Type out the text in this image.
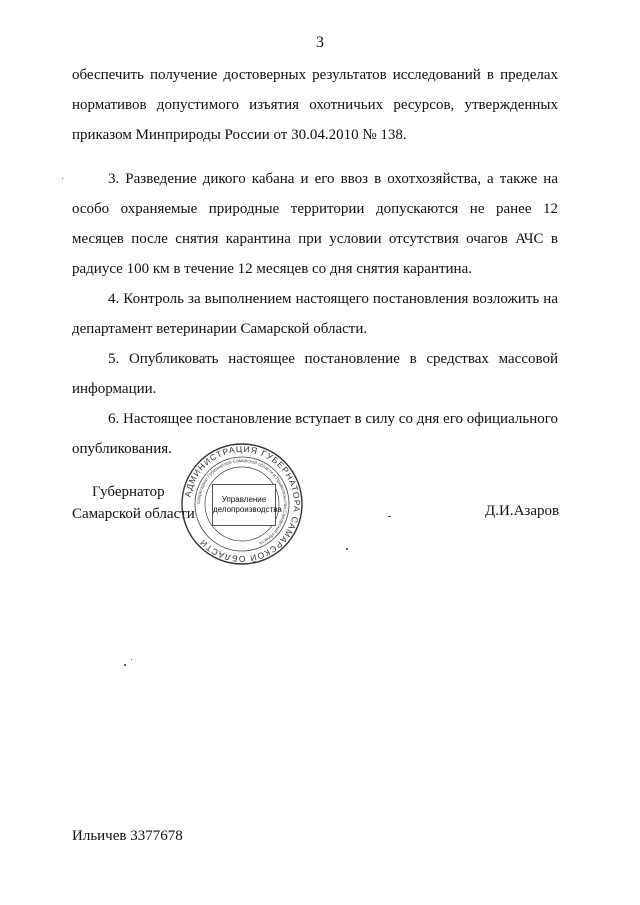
3

обеспечить получение достоверных результатов исследований в пределах нормативов допустимого изъятия охотничьих ресурсов, утвержденных приказом Минприроды России от 30.04.2010 № 138.

3. Разведение дикого кабана и его ввоз в охотхозяйства, а также на особо охраняемые природные территории допускаются не ранее 12 месяцев после снятия карантина при условии отсутствия очагов АЧС в радиусе 100 км в течение 12 месяцев со дня снятия карантина.

4. Контроль за выполнением настоящего постановления возложить на департамент ветеринарии Самарской области.

5. Опубликовать настоящее постановление в средствах массовой информации.

6. Настоящее постановление вступает в силу со дня его официального опубликования.

Губернатор
Самарской области
АДМИНИСТРАЦИЯ ГУБЕРНАТОРА САМАРСКОЙ ОБЛАСТИ
Секретариат Губернатора Самарской области и Правительства Самарской области
Управление
делопроизводства	Д.И.Азаров
Ильичев 3377678
